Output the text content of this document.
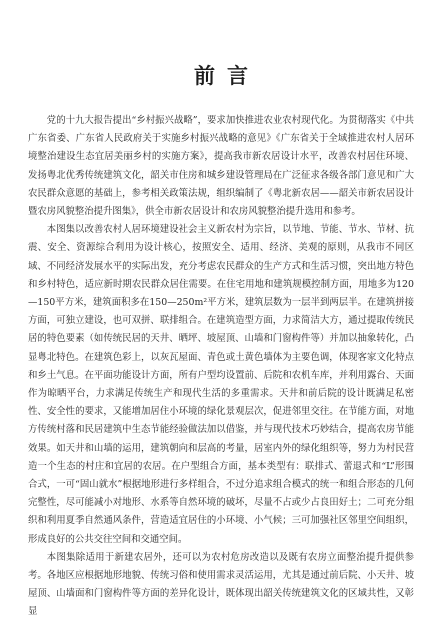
前言

党的十九大报告提出“乡村振兴战略”，要求加快推进农业农村现代化。为贯彻落实《中共广东省委、广东省人民政府关于实施乡村振兴战略的意见》《广东省关于全域推进农村人居环境整治建设生态宜居美丽乡村的实施方案》，提高我市新农居设计水平，改善农村居住环境、发扬粤北优秀传统建筑文化，韶关市住房和城乡建设管理局在广泛征求各级各部门意见和广大农民群众意愿的基础上，参考相关政策法规，组织编制了《粤北新农居——韶关市新农居设计暨农房风貌整治提升图集》，供全市新农居设计和农房风貌整治提升选用和参考。

本图集以改善农村人居环境建设社会主义新农村为宗旨，以节地、节能、节水、节材、抗震、安全、资源综合利用为设计核心，按照安全、适用、经济、美观的原则，从我市不同区域、不同经济发展水平的实际出发，充分考虑农民群众的生产方式和生活习惯，突出地方特色和乡村特色，适应新时期农民群众居住需要。在住宅用地和建筑规模控制方面，用地多为120—150平方米，建筑面积多在150—250m²平方米，建筑层数为一层半到两层半。在建筑拼接方面，可独立建设，也可双拼、联排组合。在建筑造型方面，力求简洁大方，通过提取传统民居的特色要素（如传统民居的天井、晒坪、坡屋顶、山墙和门窗构件等）并加以抽象转化，凸显粤北特色。在建筑色彩上，以灰瓦屋面、青色或土黄色墙体为主要色调，体现客家文化特点和乡土气息。在平面功能设计方面，所有户型均设置前、后院和农机车库，并利用露台、天面作为晾晒平台，力求满足传统生产和现代生活的多重需求。天井和前后院的设计既满足私密性、安全性的要求，又能增加居住小环境的绿化景观层次，促进邻里交往。在节能方面，对地方传统村落和民居建筑中生态节能经验做法加以借鉴，并与现代技术巧妙结合，提高农房节能效果。如天井和山墙的运用，建筑朝向和层高的考量，居室内外的绿化组织等，努力为村民营造一个生态的村庄和宜居的农居。在户型组合方面，基本类型有：联排式、蕾退式和“L”形围合式，一可“固山就水”根据地形进行多样组合，不过分追求组合模式的统一和组合形态的几何完整性，尽可能减小对地形、水系等自然环境的破坏，尽量不占或少占良田好土；二可充分组织和利用夏季自然通风条件，营造适宜居住的小环境、小气候；三可加强社区邻里空间组织，形成良好的公共交往空间和交通空间。

本图集除适用于新建农居外，还可以为农村危房改造以及既有农房立面整治提升提供参考。各地区应根据地形地貌、传统习俗和使用需求灵活运用，尤其是通过前后院、小天井、坡屋顶、山墙面和门窗构件等方面的差异化设计，既体现出韶关传统建筑文化的区域共性，又彰显
